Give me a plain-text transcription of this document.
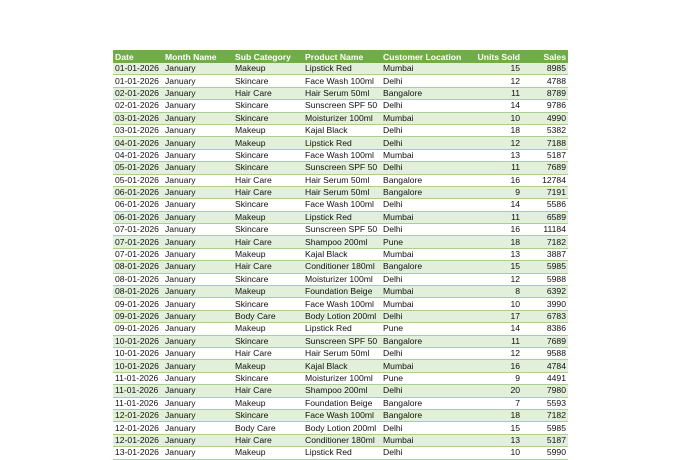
Date	Month Name	Sub Category	Product Name	Customer Location	Units Sold	Sales
01-01-2026	January	Makeup	Lipstick Red	Mumbai	15	8985
01-01-2026	January	Skincare	Face Wash 100ml	Delhi	12	4788
02-01-2026	January	Hair Care	Hair Serum 50ml	Bangalore	11	8789
02-01-2026	January	Skincare	Sunscreen SPF 50	Delhi	14	9786
03-01-2026	January	Skincare	Moisturizer 100ml	Mumbai	10	4990
03-01-2026	January	Makeup	Kajal Black	Delhi	18	5382
04-01-2026	January	Makeup	Lipstick Red	Delhi	12	7188
04-01-2026	January	Skincare	Face Wash 100ml	Mumbai	13	5187
05-01-2026	January	Skincare	Sunscreen SPF 50	Delhi	11	7689
05-01-2026	January	Hair Care	Hair Serum 50ml	Bangalore	16	12784
06-01-2026	January	Hair Care	Hair Serum 50ml	Bangalore	9	7191
06-01-2026	January	Skincare	Face Wash 100ml	Delhi	14	5586
06-01-2026	January	Makeup	Lipstick Red	Mumbai	11	6589
07-01-2026	January	Skincare	Sunscreen SPF 50	Delhi	16	11184
07-01-2026	January	Hair Care	Shampoo 200ml	Pune	18	7182
07-01-2026	January	Makeup	Kajal Black	Mumbai	13	3887
08-01-2026	January	Hair Care	Conditioner 180ml	Bangalore	15	5985
08-01-2026	January	Skincare	Moisturizer 100ml	Delhi	12	5988
08-01-2026	January	Makeup	Foundation Beige	Mumbai	8	6392
09-01-2026	January	Skincare	Face Wash 100ml	Mumbai	10	3990
09-01-2026	January	Body Care	Body Lotion 200ml	Delhi	17	6783
09-01-2026	January	Makeup	Lipstick Red	Pune	14	8386
10-01-2026	January	Skincare	Sunscreen SPF 50	Bangalore	11	7689
10-01-2026	January	Hair Care	Hair Serum 50ml	Delhi	12	9588
10-01-2026	January	Makeup	Kajal Black	Mumbai	16	4784
11-01-2026	January	Skincare	Moisturizer 100ml	Pune	9	4491
11-01-2026	January	Hair Care	Shampoo 200ml	Delhi	20	7980
11-01-2026	January	Makeup	Foundation Beige	Bangalore	7	5593
12-01-2026	January	Skincare	Face Wash 100ml	Bangalore	18	7182
12-01-2026	January	Body Care	Body Lotion 200ml	Delhi	15	5985
12-01-2026	January	Hair Care	Conditioner 180ml	Mumbai	13	5187
13-01-2026	January	Makeup	Lipstick Red	Delhi	10	5990
